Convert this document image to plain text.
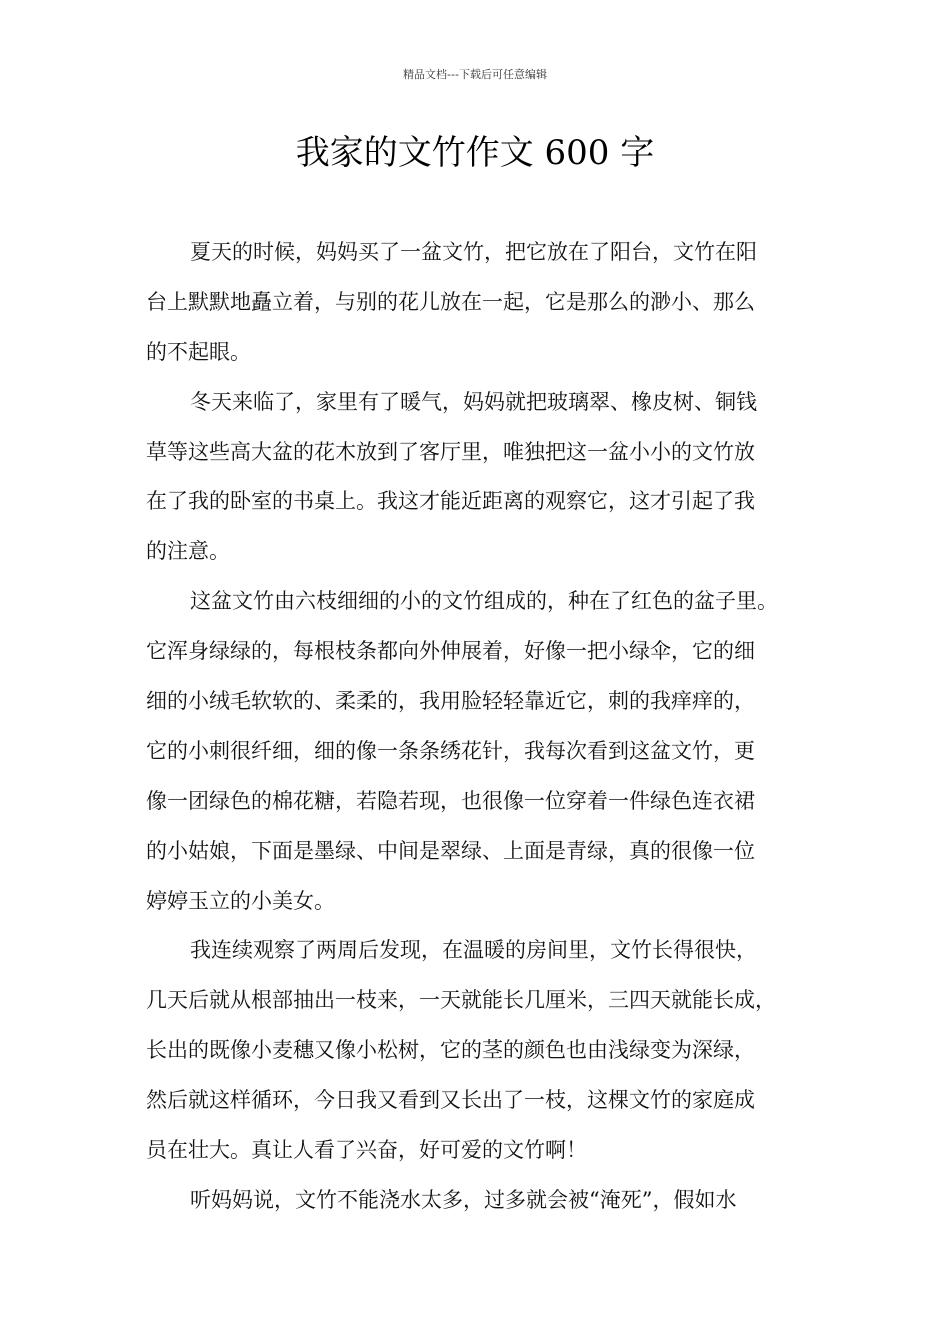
精品文档---下载后可任意编辑
我家的文竹作文 600 字
夏天的时候，妈妈买了一盆文竹，把它放在了阳台，文竹在阳
台上默默地矗立着，与别的花儿放在一起，它是那么的渺小、那么
的不起眼。
冬天来临了，家里有了暖气，妈妈就把玻璃翠、橡皮树、铜钱
草等这些高大盆的花木放到了客厅里，唯独把这一盆小小的文竹放
在了我的卧室的书桌上。我这才能近距离的观察它，这才引起了我
的注意。
这盆文竹由六枝细细的小的文竹组成的，种在了红色的盆子里。
它浑身绿绿的，每根枝条都向外伸展着，好像一把小绿伞，它的细
细的小绒毛软软的、柔柔的，我用脸轻轻靠近它，刺的我痒痒的，
它的小刺很纤细，细的像一条条绣花针，我每次看到这盆文竹，更
像一团绿色的棉花糖，若隐若现，也很像一位穿着一件绿色连衣裙
的小姑娘，下面是墨绿、中间是翠绿、上面是青绿，真的很像一位
婷婷玉立的小美女。
我连续观察了两周后发现，在温暖的房间里，文竹长得很快，
几天后就从根部抽出一枝来，一天就能长几厘米，三四天就能长成，
长出的既像小麦穗又像小松树，它的茎的颜色也由浅绿变为深绿，
然后就这样循环，今日我又看到又长出了一枝，这棵文竹的家庭成
员在壮大。真让人看了兴奋，好可爱的文竹啊！
听妈妈说，文竹不能浇水太多，过多就会被“淹死”，假如水
